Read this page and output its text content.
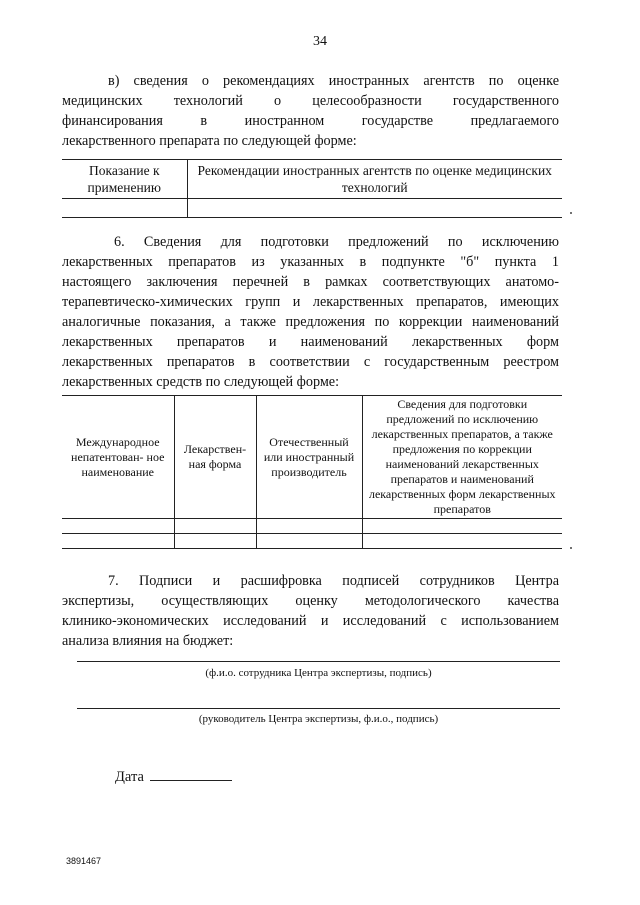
34
в) сведения о рекомендациях иностранных агентств по оценке
медицинских технологий о целесообразности государственного
финансирования в иностранном государстве предлагаемого
лекарственного препарата по следующей форме:
Показание к применению	Рекомендации иностранных агентств по оценке медицинских технологий

6. Сведения для подготовки предложений по исключению
лекарственных препаратов из указанных в подпункте "б" пункта 1
настоящего заключения перечней в рамках соответствующих анатомо-
терапевтическо-химических групп и лекарственных препаратов, имеющих
аналогичные показания, а также предложения по коррекции наименований
лекарственных препаратов и наименований лекарственных форм
лекарственных препаратов в соответствии с государственным реестром
лекарственных средств по следующей форме:
Международное непатентован- ное наименование	Лекарствен- ная форма	Отечественный или иностранный производитель	Сведения для подготовки предложений по исключению лекарственных препаратов, а также предложения по коррекции наименований лекарственных препаратов и наименований лекарственных форм лекарственных препаратов

7. Подписи и расшифровка подписей сотрудников Центра
экспертизы, осуществляющих оценку методологического качества
клинико-экономических исследований и исследований с использованием
анализа влияния на бюджет:
(ф.и.о. сотрудника Центра экспертизы, подпись)
(руководитель Центра экспертизы, ф.и.о., подпись)
Дата
3891467
